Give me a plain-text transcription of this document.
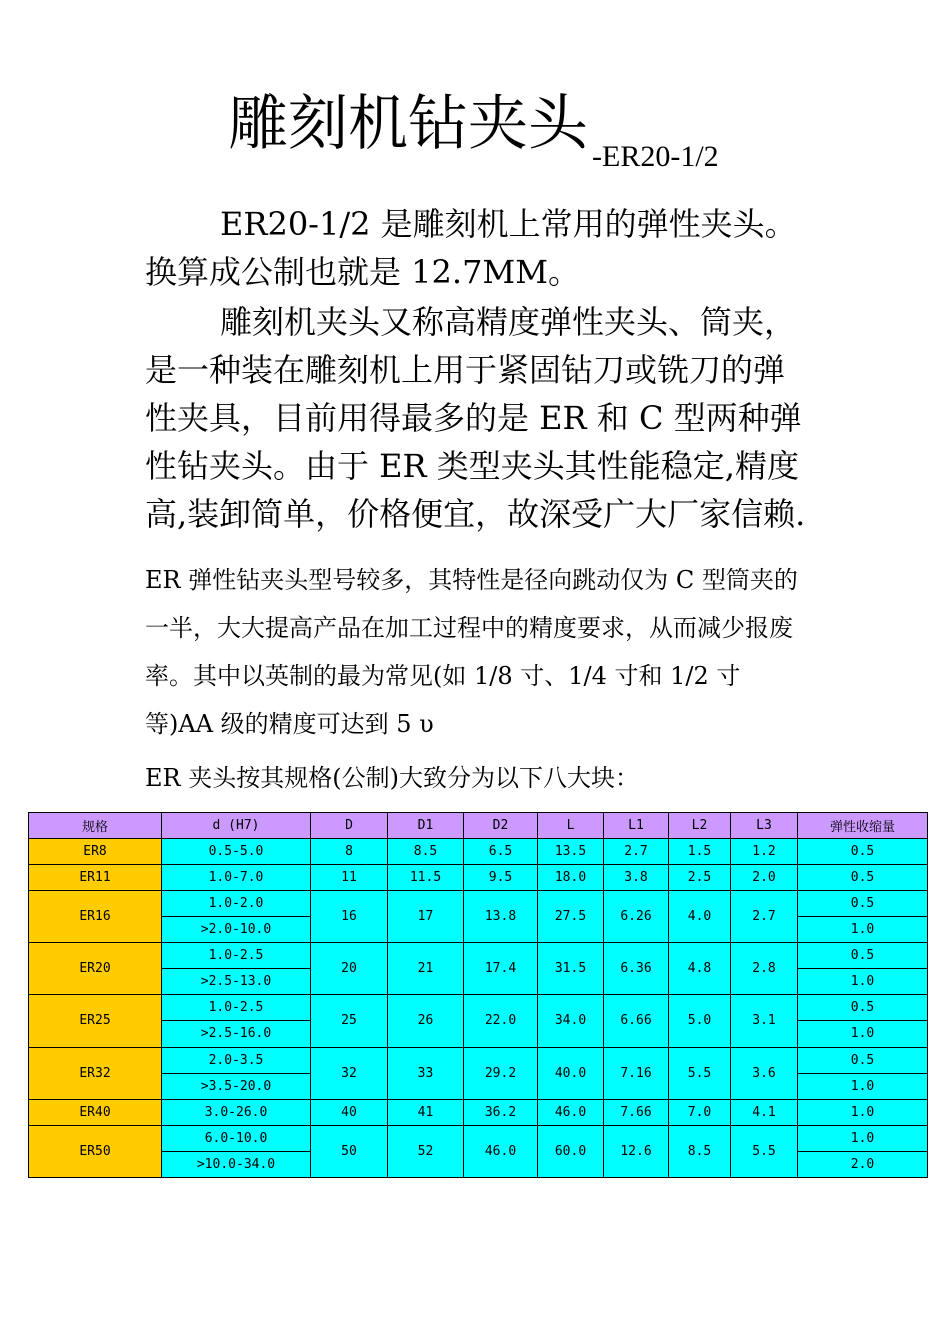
雕刻机钻夹头 $_{-ER20-1/2}$
ER20-1/2 是雕刻机上常用的弹性夹头。换算成公制也就是 12.7MM。
雕刻机夹头又称高精度弹性夹头、筒夹，是一种装在雕刻机上用于紧固钻刀或铣刀的弹性夹具，目前用得最多的是 ER 和 C 型两种弹性钻夹头。由于 ER 类型夹头其性能稳定,精度高,装卸简单，价格便宜，故深受广大厂家信赖.
ER 弹性钻夹头型号较多，其特性是径向跳动仅为 C 型筒夹的一半，大大提高产品在加工过程中的精度要求，从而减少报废率。其中以英制的最为常见(如 1/8 寸、1/4 寸和 1/2 寸等)AA 级的精度可达到 5 υ
ER 夹头按其规格(公制)大致分为以下八大块：
规格	d (H7)	D	D1	D2	L	L1	L2	L3	弹性收缩量
ER8	0.5-5.0	8	8.5	6.5	13.5	2.7	1.5	1.2	0.5
ER11	1.0-7.0	11	11.5	9.5	18.0	3.8	2.5	2.0	0.5
ER16	1.0-2.0	16	17	13.8	27.5	6.26	4.0	2.7	0.5
	>2.0-10.0								1.0
ER20	1.0-2.5	20	21	17.4	31.5	6.36	4.8	2.8	0.5
	>2.5-13.0								1.0
ER25	1.0-2.5	25	26	22.0	34.0	6.66	5.0	3.1	0.5
	>2.5-16.0								1.0
ER32	2.0-3.5	32	33	29.2	40.0	7.16	5.5	3.6	0.5
	>3.5-20.0								1.0
ER40	3.0-26.0	40	41	36.2	46.0	7.66	7.0	4.1	1.0
ER50	6.0-10.0	50	52	46.0	60.0	12.6	8.5	5.5	1.0
	>10.0-34.0								2.0
